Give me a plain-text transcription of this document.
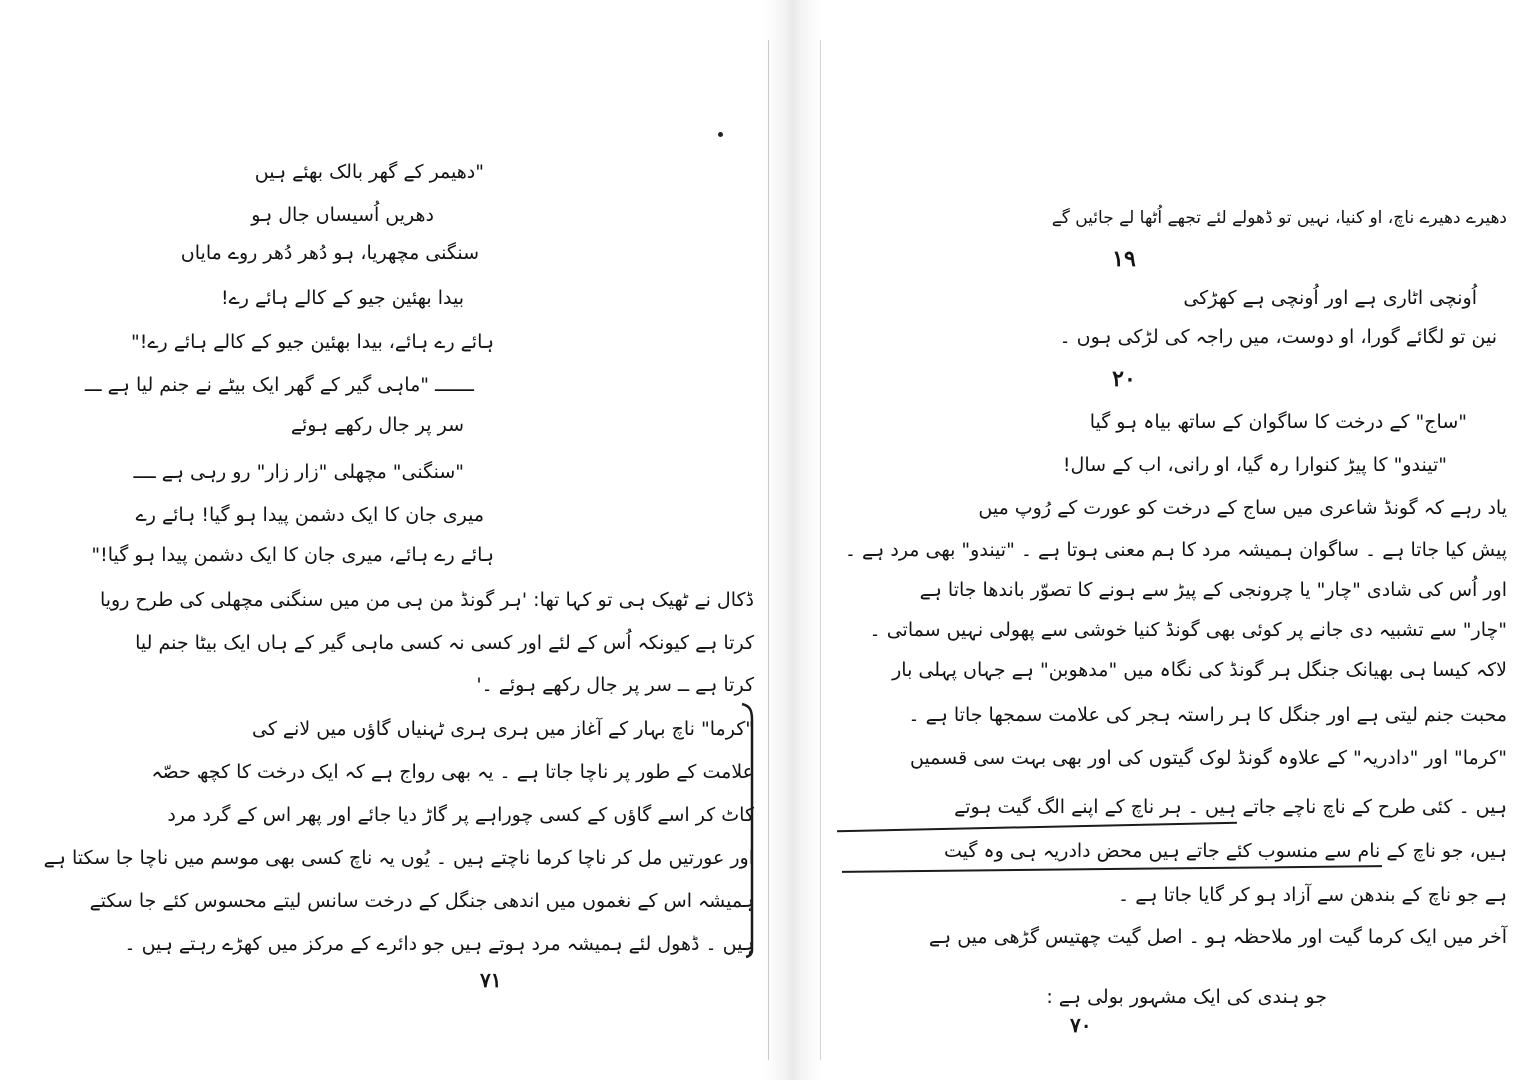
"دھیمر کے گھر بالک بھئے ہیں
دھریں اُسیساں جال ہو
سنگنی مچھریا، ہو دُھر دُھر روے مایاں
بیدا بھئین جیو کے کالے ہائے رے!
ہائے رے ہائے، بیدا بھئین جیو کے کالے ہائے رے!"
ـــــــ "ماہی گیر کے گھر ایک بیٹے نے جنم لیا ہے ـــ
سر پر جال رکھے ہوئے
"سنگنی" مچھلی "زار زار" رو رہی ہے ــــ
میری جان کا ایک دشمن پیدا ہو گیا! ہائے رے
ہائے رے ہائے، میری جان کا ایک دشمن پیدا ہو گیا!"
ڈکال نے ٹھیک ہی تو کہا تھا: 'ہر گونڈ من ہی من میں سنگنی مچھلی کی طرح رویا
کرتا ہے کیونکہ اُس کے لئے اور کسی نہ کسی ماہی گیر کے ہاں ایک بیٹا جنم لیا
کرتا ہے ــ سر پر جال رکھے ہوئے ۔'
"کرما" ناچ بہار کے آغاز میں ہری ہری ٹہنیاں گاؤں میں لانے کی
علامت کے طور پر ناچا جاتا ہے ۔ یہ بھی رواج ہے کہ ایک درخت کا کچھ حصّہ
کاٹ کر اسے گاؤں کے کسی چوراہے پر گاڑ دیا جائے اور پھر اس کے گرد مرد
اور عورتیں مل کر ناچا کرما ناچتے ہیں ۔ یُوں یہ ناچ کسی بھی موسم میں ناچا جا سکتا ہے
ہمیشہ اس کے نغموں میں اندھی جنگل کے درخت سانس لیتے محسوس کئے جا سکتے
ہیں ۔ ڈھول لئے ہمیشہ مرد ہوتے ہیں جو دائرے کے مرکز میں کھڑے رہتے ہیں ۔
۷۱
دھیرے دھیرے ناچ، او کنیا، نہیں تو ڈھولے لئے تجھے اُٹھا لے جائیں گے
۱۹
اُونچی اٹاری ہے اور اُونچی ہے کھڑکی
نین تو لگائے گورا، او دوست، میں راجہ کی لڑکی ہوں ۔
۲۰
"ساج" کے درخت کا ساگوان کے ساتھ بیاہ ہو گیا
"تیندو" کا پیڑ کنوارا رہ گیا، او رانی، اب کے سال!
یاد رہے کہ گونڈ شاعری میں ساج کے درخت کو عورت کے رُوپ میں
پیش کیا جاتا ہے ۔ ساگوان ہمیشہ مرد کا ہم معنی ہوتا ہے ۔ "تیندو" بھی مرد ہے ۔
اور اُس کی شادی "چار" یا چرونجی کے پیڑ سے ہونے کا تصوّر باندھا جاتا ہے
"چار" سے تشبیہ دی جانے پر کوئی بھی گونڈ کنیا خوشی سے پھولی نہیں سماتی ۔
لاکہ کیسا ہی بھیانک جنگل ہر گونڈ کی نگاہ میں "مدھوبن" ہے جہاں پہلی بار
محبت جنم لیتی ہے اور جنگل کا ہر راستہ ہجر کی علامت سمجھا جاتا ہے ۔
"کرما" اور "دادریہ" کے علاوہ گونڈ لوک گیتوں کی اور بھی بہت سی قسمیں
ہیں ۔ کئی طرح کے ناچ ناچے جاتے ہیں ۔ ہر ناچ کے اپنے الگ گیت ہوتے
ہیں، جو ناچ کے نام سے منسوب کئے جاتے ہیں محض دادریہ ہی وہ گیت
ہے جو ناچ کے بندھن سے آزاد ہو کر گایا جاتا ہے ۔
آخر میں ایک کرما گیت اور ملاحظہ ہو ۔ اصل گیت چھتیس گڑھی میں ہے
جو ہندی کی ایک مشہور بولی ہے :
۷۰
